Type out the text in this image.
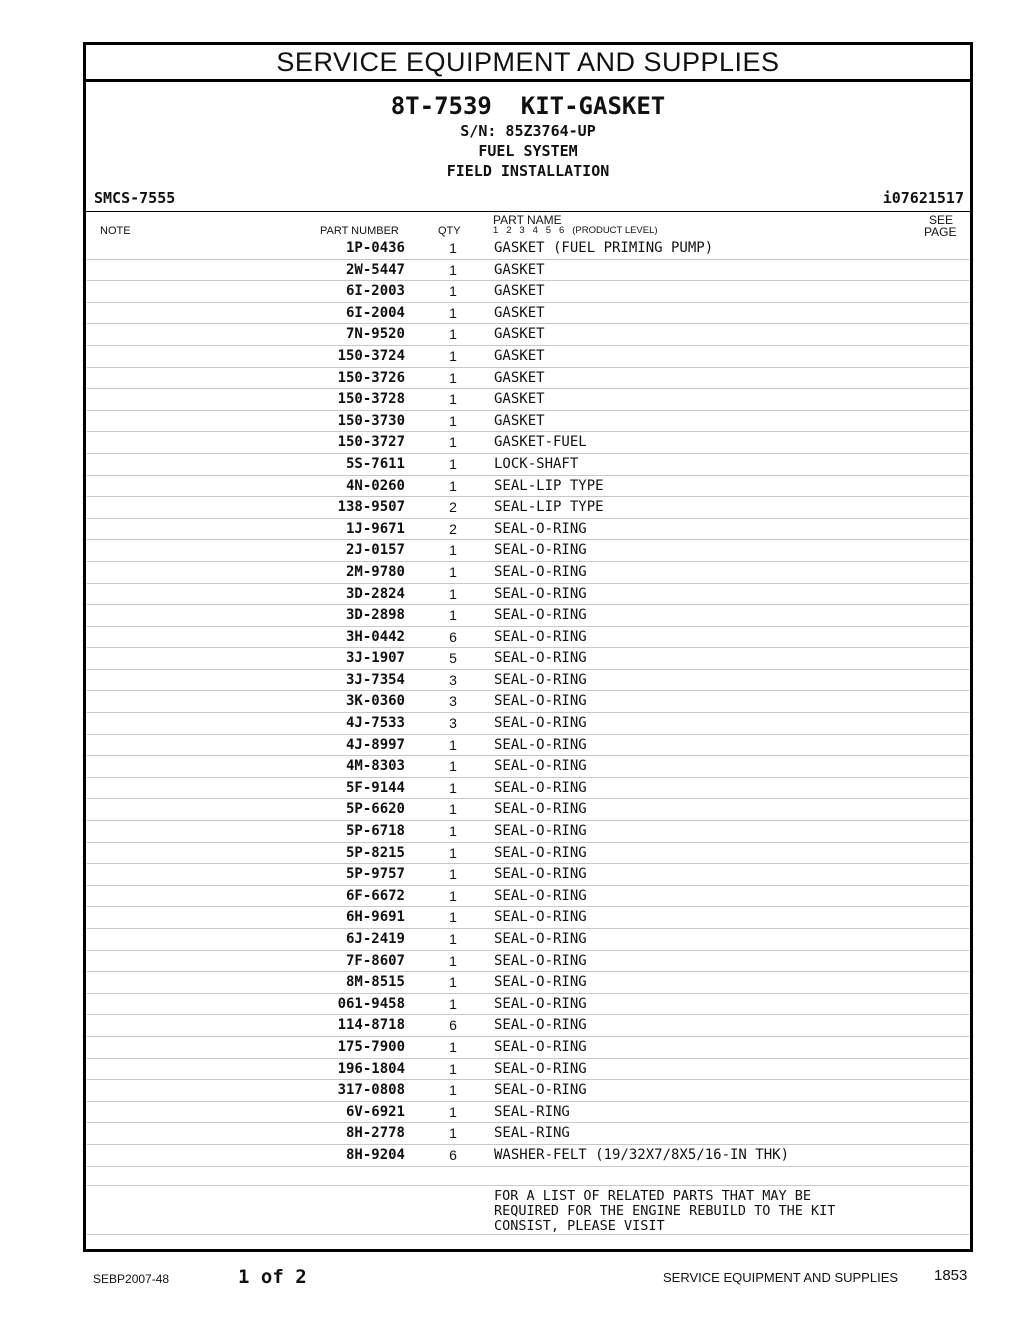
SERVICE EQUIPMENT AND SUPPLIES
8T-7539  KIT-GASKET
S/N: 85Z3764-UP
FUEL SYSTEM
FIELD INSTALLATION
SMCS-7555	i07621517
NOTE	PART NUMBER	QTY
PART NAME
1   2   3   4   5   6   (PRODUCT LEVEL)
SEE
PAGE
1P-0436	1	GASKET (FUEL PRIMING PUMP)
2W-5447	1	GASKET
6I-2003	1	GASKET
6I-2004	1	GASKET
7N-9520	1	GASKET
150-3724	1	GASKET
150-3726	1	GASKET
150-3728	1	GASKET
150-3730	1	GASKET
150-3727	1	GASKET-FUEL
5S-7611	1	LOCK-SHAFT
4N-0260	1	SEAL-LIP TYPE
138-9507	2	SEAL-LIP TYPE
1J-9671	2	SEAL-O-RING
2J-0157	1	SEAL-O-RING
2M-9780	1	SEAL-O-RING
3D-2824	1	SEAL-O-RING
3D-2898	1	SEAL-O-RING
3H-0442	6	SEAL-O-RING
3J-1907	5	SEAL-O-RING
3J-7354	3	SEAL-O-RING
3K-0360	3	SEAL-O-RING
4J-7533	3	SEAL-O-RING
4J-8997	1	SEAL-O-RING
4M-8303	1	SEAL-O-RING
5F-9144	1	SEAL-O-RING
5P-6620	1	SEAL-O-RING
5P-6718	1	SEAL-O-RING
5P-8215	1	SEAL-O-RING
5P-9757	1	SEAL-O-RING
6F-6672	1	SEAL-O-RING
6H-9691	1	SEAL-O-RING
6J-2419	1	SEAL-O-RING
7F-8607	1	SEAL-O-RING
8M-8515	1	SEAL-O-RING
061-9458	1	SEAL-O-RING
114-8718	6	SEAL-O-RING
175-7900	1	SEAL-O-RING
196-1804	1	SEAL-O-RING
317-0808	1	SEAL-O-RING
6V-6921	1	SEAL-RING
8H-2778	1	SEAL-RING
8H-9204	6	WASHER-FELT (19/32X7/8X5/16-IN THK)
FOR A LIST OF RELATED PARTS THAT MAY BE
REQUIRED FOR THE ENGINE REBUILD TO THE KIT
CONSIST, PLEASE VISIT
SEBP2007-48	1 of 2	SERVICE EQUIPMENT AND SUPPLIES 1853
